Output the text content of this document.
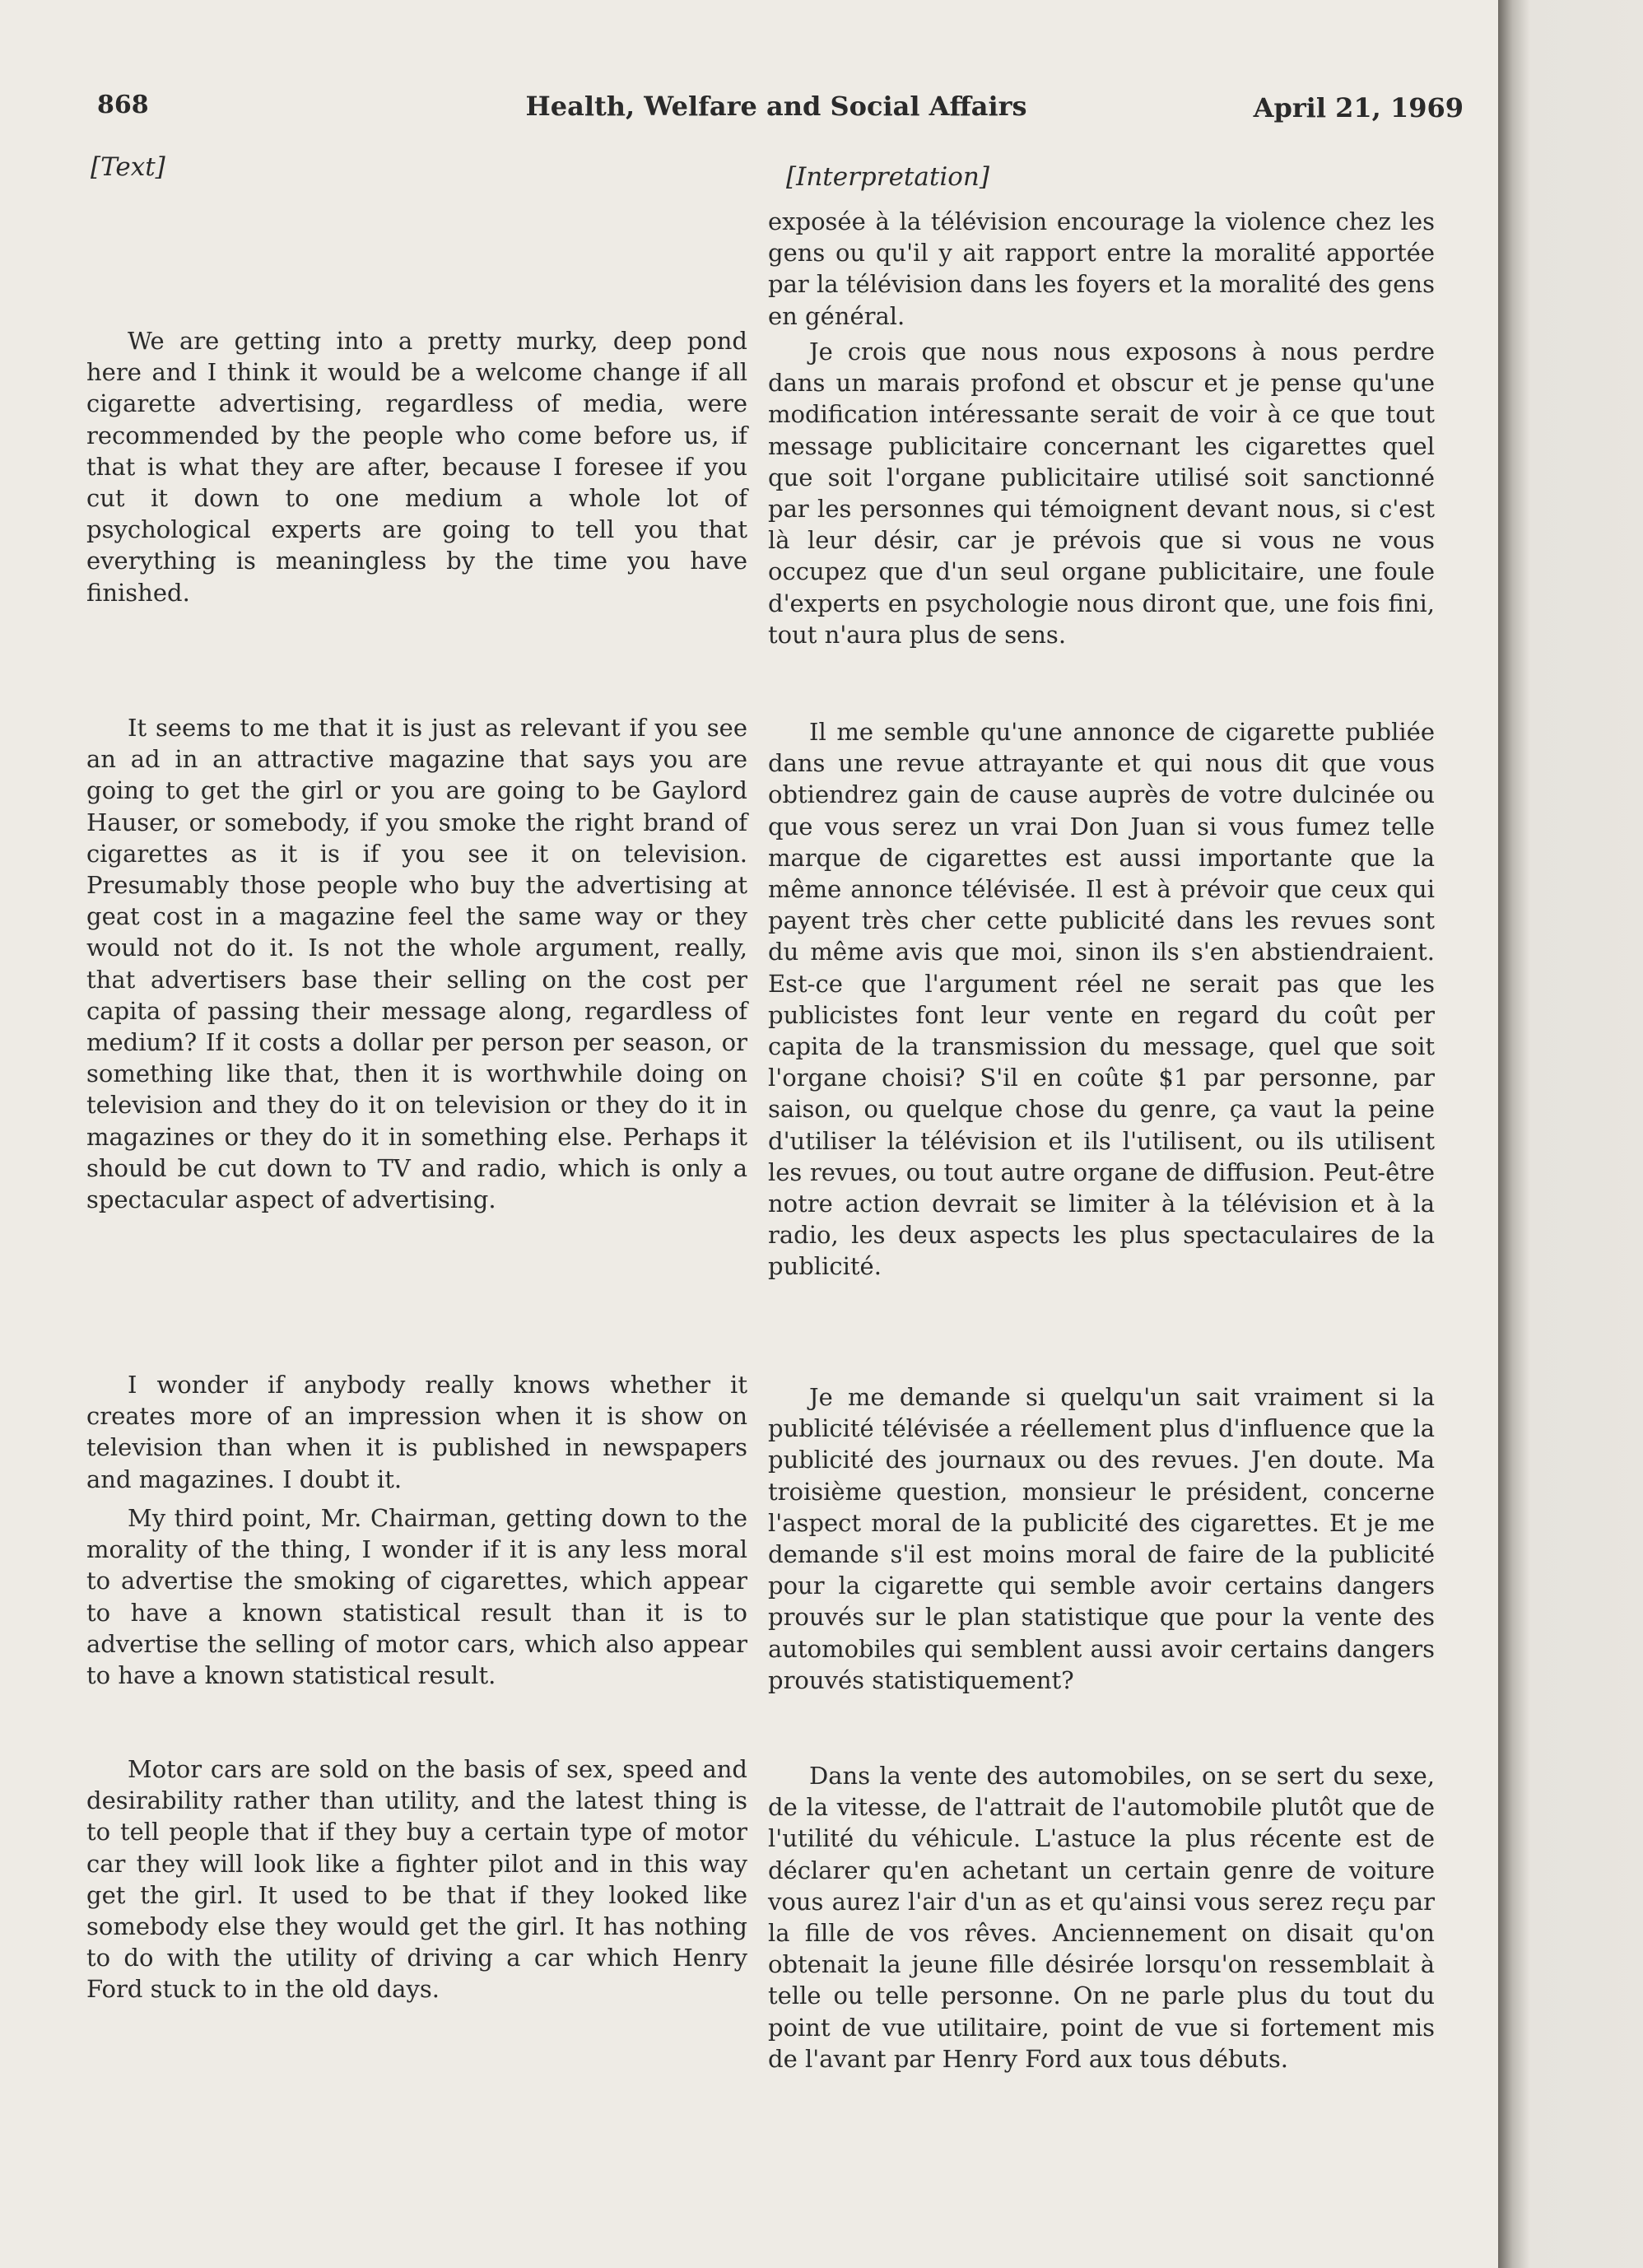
868	Health, Welfare and Social Affairs	April 21, 1969
[Text]	[Interpretation]

We are getting into a pretty murky, deep pond here and I think it would be a welcome change if all cigarette advertising, regardless of media, were recommended by the people who come before us, if that is what they are after, because I foresee if you cut it down to one medium a whole lot of psychological experts are going to tell you that everything is meaningless by the time you have finished.

It seems to me that it is just as relevant if you see an ad in an attractive magazine that says you are going to get the girl or you are going to be Gaylord Hauser, or somebody, if you smoke the right brand of cigarettes as it is if you see it on television. Presumably those people who buy the advertising at geat cost in a magazine feel the same way or they would not do it. Is not the whole argument, really, that advertisers base their selling on the cost per capita of passing their message along, regardless of medium? If it costs a dollar per person per season, or something like that, then it is worthwhile doing on television and they do it on television or they do it in magazines or they do it in something else. Perhaps it should be cut down to TV and radio, which is only a spectacular aspect of advertising.

I wonder if anybody really knows whether it creates more of an impression when it is show on television than when it is published in newspapers and magazines. I doubt it.

My third point, Mr. Chairman, getting down to the morality of the thing, I wonder if it is any less moral to advertise the smoking of cigarettes, which appear to have a known statistical result than it is to advertise the selling of motor cars, which also appear to have a known statistical result.

Motor cars are sold on the basis of sex, speed and desirability rather than utility, and the latest thing is to tell people that if they buy a certain type of motor car they will look like a fighter pilot and in this way get the girl. It used to be that if they looked like somebody else they would get the girl. It has nothing to do with the utility of driving a car which Henry Ford stuck to in the old days.

exposée à la télévision encourage la violence chez les gens ou qu'il y ait rapport entre la moralité apportée par la télévision dans les foyers et la moralité des gens en général.

Je crois que nous nous exposons à nous perdre dans un marais profond et obscur et je pense qu'une modification intéressante serait de voir à ce que tout message publicitaire concernant les cigarettes quel que soit l'organe publicitaire utilisé soit sanctionné par les personnes qui témoignent devant nous, si c'est là leur désir, car je prévois que si vous ne vous occupez que d'un seul organe publicitaire, une foule d'experts en psychologie nous diront que, une fois fini, tout n'aura plus de sens.

Il me semble qu'une annonce de cigarette publiée dans une revue attrayante et qui nous dit que vous obtiendrez gain de cause auprès de votre dulcinée ou que vous serez un vrai Don Juan si vous fumez telle marque de cigarettes est aussi importante que la même annonce télévisée. Il est à prévoir que ceux qui payent très cher cette publicité dans les revues sont du même avis que moi, sinon ils s'en abstiendraient. Est-ce que l'argument réel ne serait pas que les publicistes font leur vente en regard du coût per capita de la transmission du message, quel que soit l'organe choisi? S'il en coûte $1 par personne, par saison, ou quelque chose du genre, ça vaut la peine d'utiliser la télévision et ils l'utilisent, ou ils utilisent les revues, ou tout autre organe de diffusion. Peut-être notre action devrait se limiter à la télévision et à la radio, les deux aspects les plus spectaculaires de la publicité.

Je me demande si quelqu'un sait vraiment si la publicité télévisée a réellement plus d'influence que la publicité des journaux ou des revues. J'en doute. Ma troisième question, monsieur le président, concerne l'aspect moral de la publicité des cigarettes. Et je me demande s'il est moins moral de faire de la publicité pour la cigarette qui semble avoir certains dangers prouvés sur le plan statistique que pour la vente des automobiles qui semblent aussi avoir certains dangers prouvés statistiquement?

Dans la vente des automobiles, on se sert du sexe, de la vitesse, de l'attrait de l'automobile plutôt que de l'utilité du véhicule. L'astuce la plus récente est de déclarer qu'en achetant un certain genre de voiture vous aurez l'air d'un as et qu'ainsi vous serez reçu par la fille de vos rêves. Anciennement on disait qu'on obtenait la jeune fille désirée lorsqu'on ressemblait à telle ou telle personne. On ne parle plus du tout du point de vue utilitaire, point de vue si fortement mis de l'avant par Henry Ford aux tous débuts.
